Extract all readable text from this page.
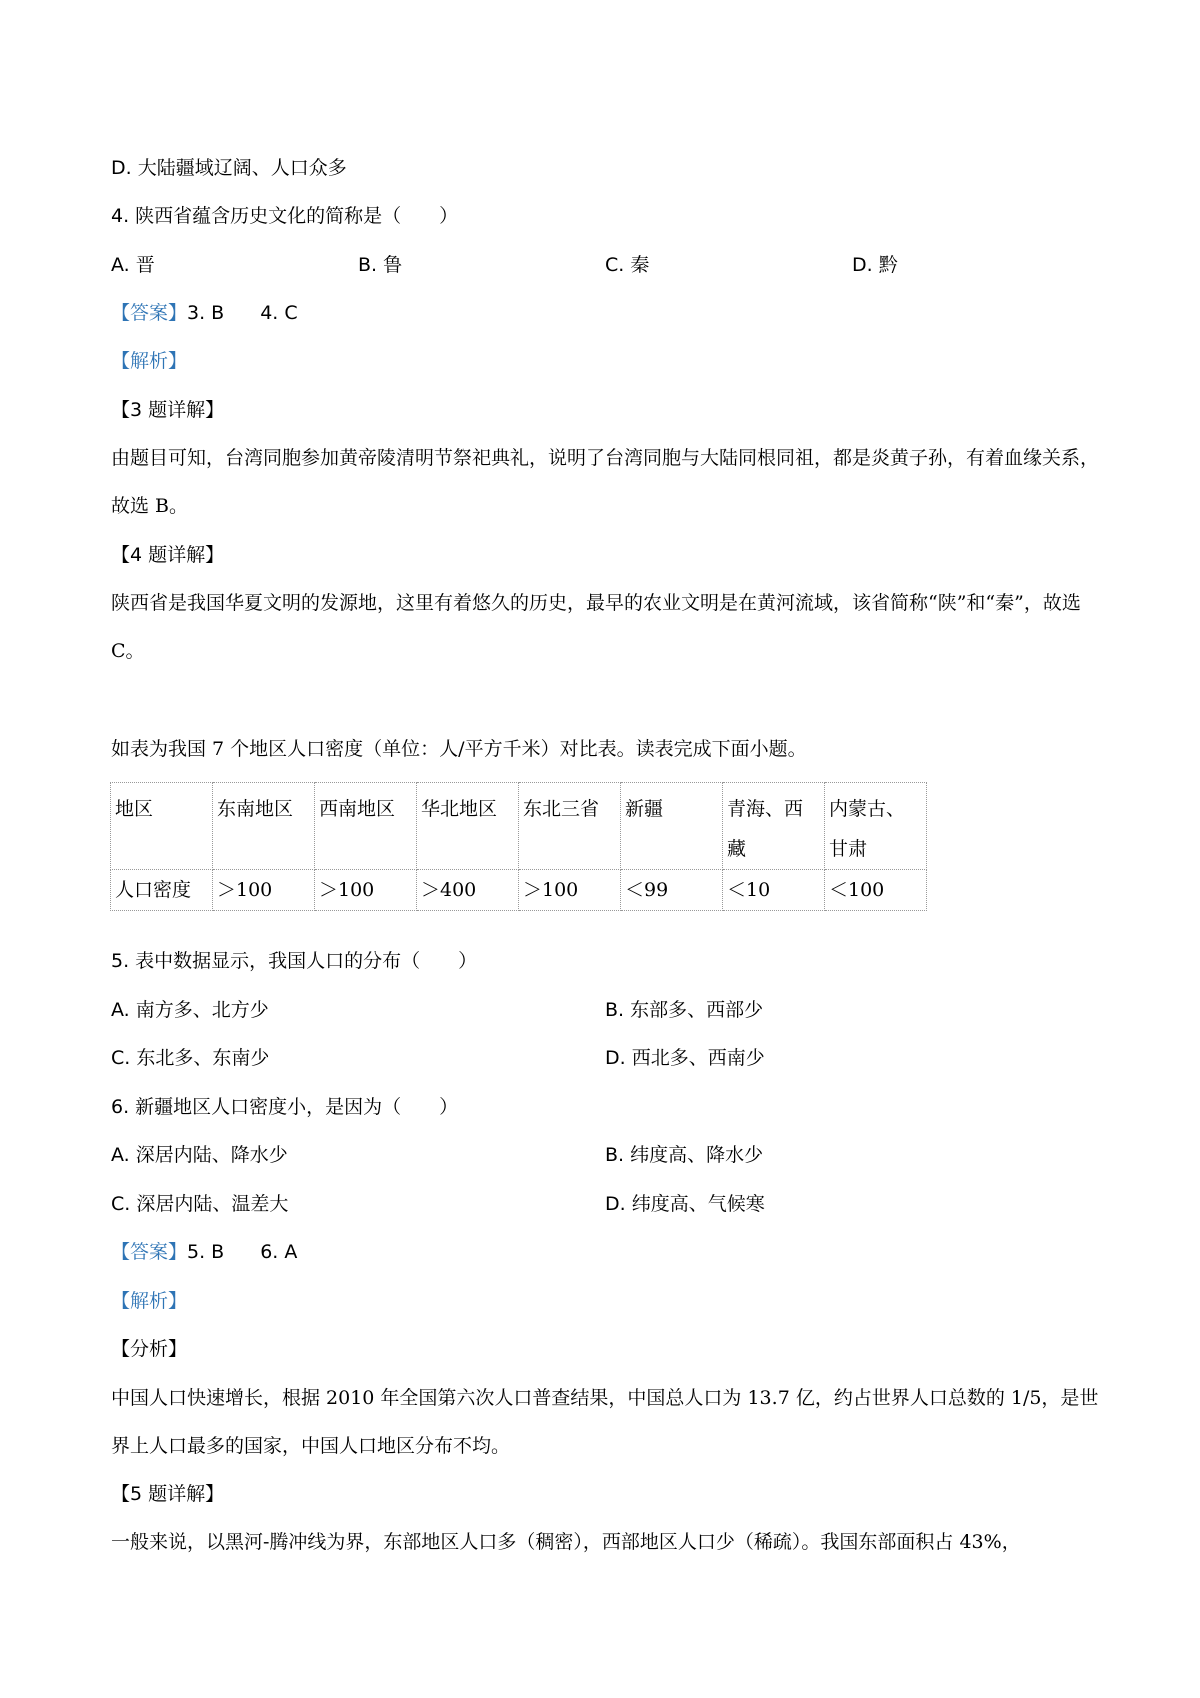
D. 大陆疆域辽阔、人口众多
4. 陕西省蕴含历史文化的简称是（　　）
A. 晋	B. 鲁	C. 秦	D. 黔
【答案】3. B 4. C
【解析】
【3 题详解】
由题目可知，台湾同胞参加黄帝陵清明节祭祀典礼，说明了台湾同胞与大陆同根同祖，都是炎黄子孙，有着血缘关系，故选 B。
【4 题详解】
陕西省是我国华夏文明的发源地，这里有着悠久的历史，最早的农业文明是在黄河流域，该省简称“陕”和“秦”，故选 C。
如表为我国 7 个地区人口密度（单位：人/平方千米）对比表。读表完成下面小题。
地区	东南地区	西南地区	华北地区	东北三省	新疆	青海、西藏	内蒙古、甘肃
人口密度	＞100	＞100	＞400	＞100	＜99	＜10	＜100
5. 表中数据显示，我国人口的分布（　　）
A. 南方多、北方少	B. 东部多、西部少
C. 东北多、东南少	D. 西北多、西南少
6. 新疆地区人口密度小，是因为（　　）
A. 深居内陆、降水少	B. 纬度高、降水少
C. 深居内陆、温差大	D. 纬度高、气候寒
【答案】5. B 6. A
【解析】
【分析】
中国人口快速增长，根据 2010 年全国第六次人口普查结果，中国总人口为 13.7 亿，约占世界人口总数的 1/5，是世界上人口最多的国家，中国人口地区分布不均。
【5 题详解】
一般来说，以黑河-腾冲线为界，东部地区人口多（稠密），西部地区人口少（稀疏）。我国东部面积占 43%，
